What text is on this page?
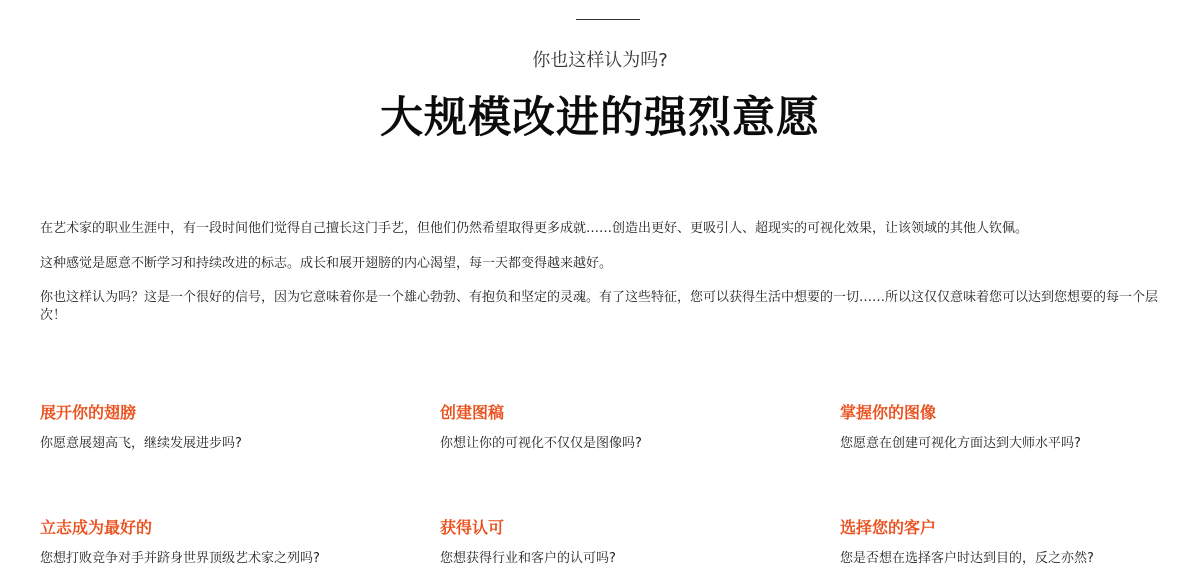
你也这样认为吗?
大规模改进的强烈意愿
在艺术家的职业生涯中，有一段时间他们觉得自己擅长这门手艺，但他们仍然希望取得更多成就……创造出更好、更吸引人、超现实的可视化效果，让该领域的其他人钦佩。
这种感觉是愿意不断学习和持续改进的标志。成长和展开翅膀的内心渴望，每一天都变得越来越好。
你也这样认为吗？这是一个很好的信号，因为它意味着你是一个雄心勃勃、有抱负和坚定的灵魂。有了这些特征，您可以获得生活中想要的一切……所以这仅仅意味着您可以达到您想要的每一个层次！
展开你的翅膀
你愿意展翅高飞，继续发展进步吗?
创建图稿
你想让你的可视化不仅仅是图像吗?
掌握你的图像
您愿意在创建可视化方面达到大师水平吗?
立志成为最好的
您想打败竞争对手并跻身世界顶级艺术家之列吗?
获得认可
您想获得行业和客户的认可吗?
选择您的客户
您是否想在选择客户时达到目的，反之亦然?
